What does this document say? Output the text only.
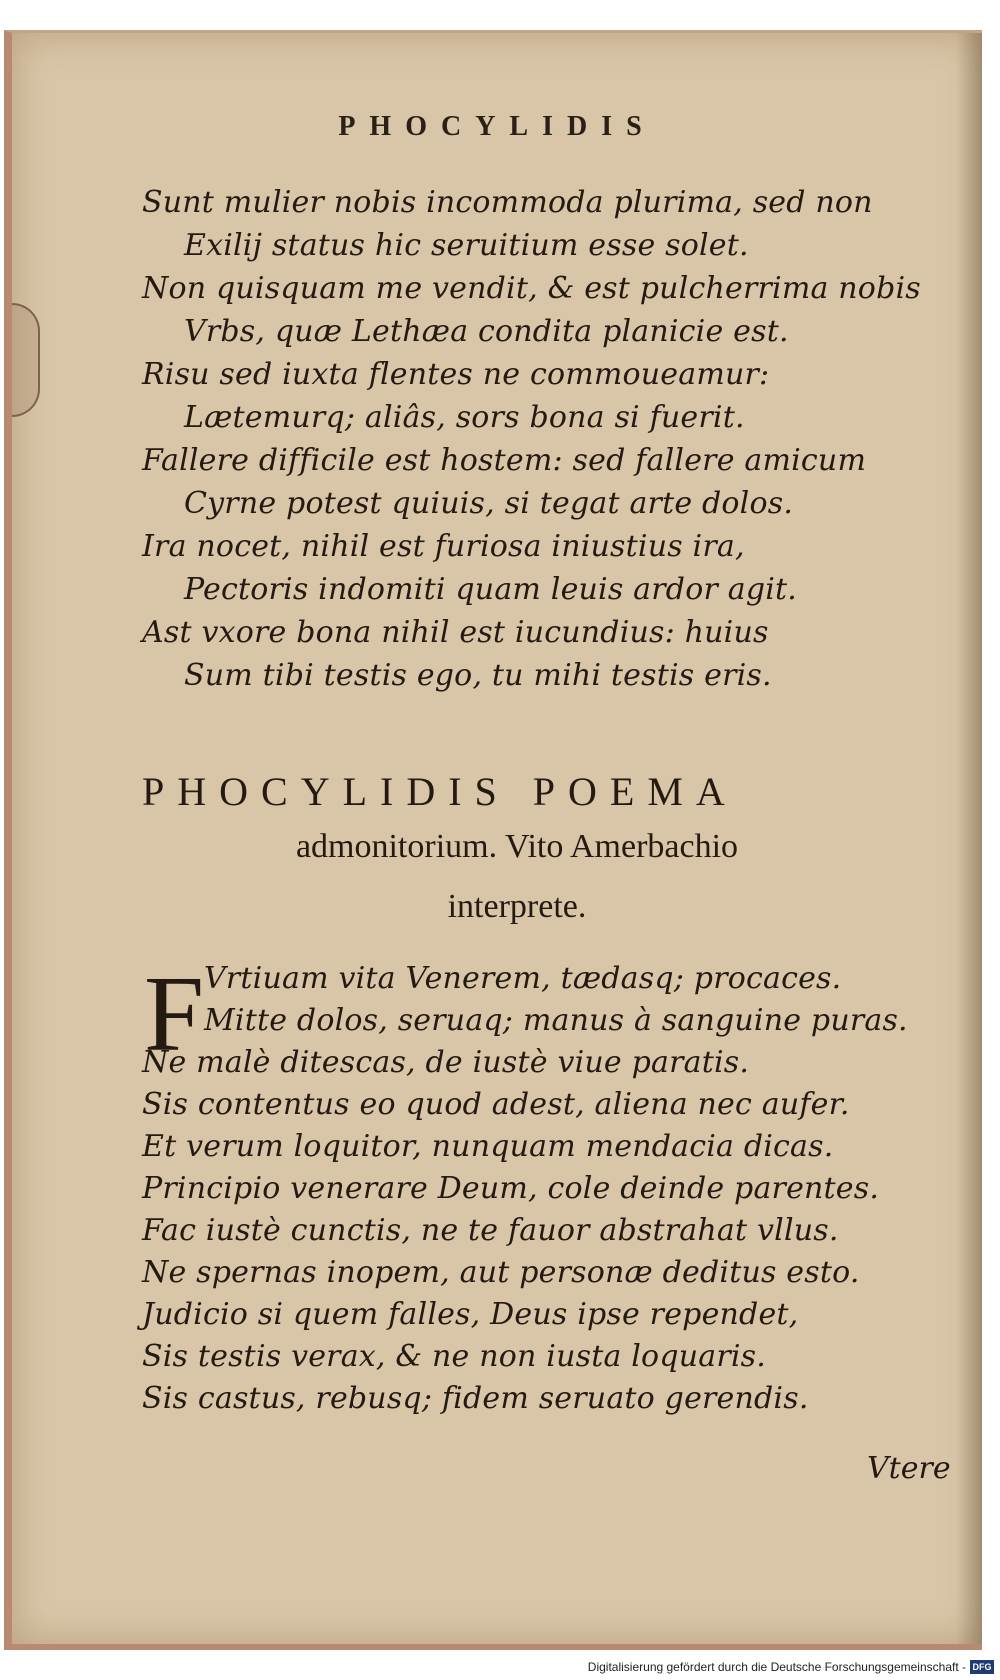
PHOCYLIDIS
Sunt mulier nobis incommoda plurima, sed non
Exilij status hic seruitium esse solet.
Non quisquam me vendit, & est pulcherrima nobis
Vrbs, quæ Lethæa condita planicie est.
Risu sed iuxta flentes ne commoueamur:
Lætemurq; aliâs, sors bona si fuerit.
Fallere difficile est hostem: sed fallere amicum
Cyrne potest quiuis, si tegat arte dolos.
Ira nocet, nihil est furiosa iniustius ira,
Pectoris indomiti quam leuis ardor agit.
Ast vxore bona nihil est iucundius: huius
Sum tibi testis ego, tu mihi testis eris.
PHOCYLIDIS POEMA
admonitorium. Vito Amerbachio
interprete.
F Vrtiuam vita Venerem, tædasq; procaces.
Mitte dolos, seruaq; manus à sanguine puras.
Ne malè ditescas, de iustè viue paratis.
Sis contentus eo quod adest, aliena nec aufer.
Et verum loquitor, nunquam mendacia dicas.
Principio venerare Deum, cole deinde parentes.
Fac iustè cunctis, ne te fauor abstrahat vllus.
Ne spernas inopem, aut personæ deditus esto.
Judicio si quem falles, Deus ipse rependet,
Sis testis verax, & ne non iusta loquaris.
Sis castus, rebusq; fidem seruato gerendis.
Vtere
Digitalisierung gefördert durch die Deutsche Forschungsgemeinschaft - DFG
